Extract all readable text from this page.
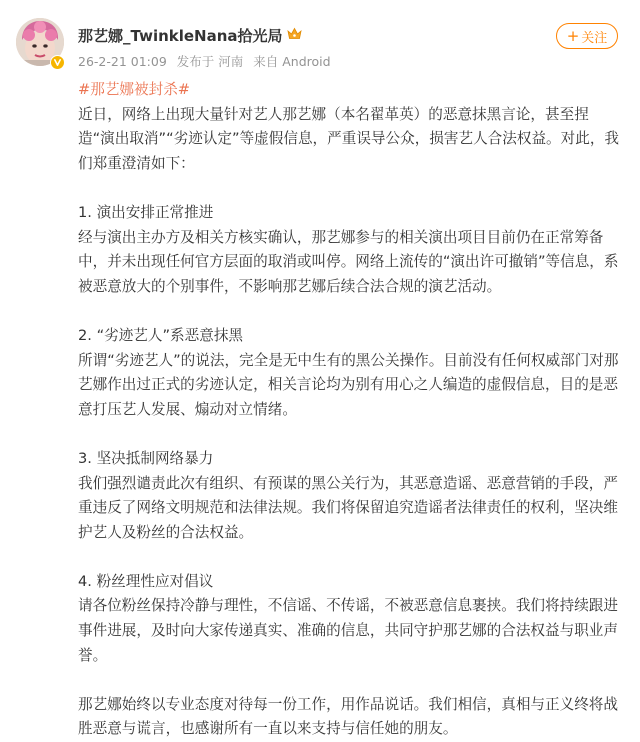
那艺娜_TwinkleNana拾光局
26-2-21 01:09 发布于 河南 来自 Android
+ 关注

#那艺娜被封杀#

近日，网络上出现大量针对艺人那艺娜（本名翟革英）的恶意抹黑言论，甚至捏造“演出取消”“劣迹认定”等虚假信息，严重误导公众，损害艺人合法权益。对此，我们郑重澄清如下：

1. 演出安排正常推进

经与演出主办方及相关方核实确认，那艺娜参与的相关演出项目目前仍在正常筹备中，并未出现任何官方层面的取消或叫停。网络上流传的“演出许可撤销”等信息，系被恶意放大的个别事件，不影响那艺娜后续合法合规的演艺活动。

2. “劣迹艺人”系恶意抹黑

所谓“劣迹艺人”的说法，完全是无中生有的黑公关操作。目前没有任何权威部门对那艺娜作出过正式的劣迹认定，相关言论均为别有用心之人编造的虚假信息，目的是恶意打压艺人发展、煽动对立情绪。

3. 坚决抵制网络暴力

我们强烈谴责此次有组织、有预谋的黑公关行为，其恶意造谣、恶意营销的手段，严重违反了网络文明规范和法律法规。我们将保留追究造谣者法律责任的权利，坚决维护艺人及粉丝的合法权益。

4. 粉丝理性应对倡议

请各位粉丝保持冷静与理性，不信谣、不传谣，不被恶意信息裹挟。我们将持续跟进事件进展，及时向大家传递真实、准确的信息，共同守护那艺娜的合法权益与职业声誉。

那艺娜始终以专业态度对待每一份工作，用作品说话。我们相信，真相与正义终将战胜恶意与谎言，也感谢所有一直以来支持与信任她的朋友。
